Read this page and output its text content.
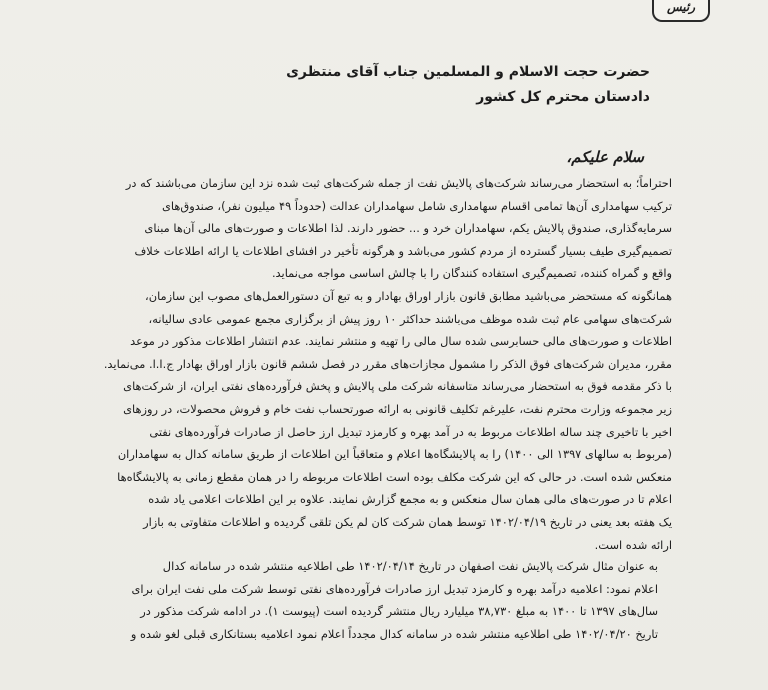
رئیس
حضرت حجت الاسلام و المسلمین جناب آقای منتظری
دادستان محترم کل کشور
سلام علیکم،
احتراماً؛ به استحضار می‌رساند شرکت‌های پالایش نفت از جمله شرکت‌های ثبت شده نزد این سازمان می‌باشند که در
ترکیب سهامداری آن‌ها تمامی اقسام سهامداری شامل سهامداران عدالت (حدوداً ۴۹ میلیون نفر)، صندوق‌های
سرمایه‌گذاری، صندوق پالایش یکم، سهامداران خرد و ... حضور دارند. لذا اطلاعات و صورت‌های مالی آن‌ها مبنای
تصمیم‌گیری طیف بسیار گسترده از مردم کشور می‌باشد و هرگونه تأخیر در افشای اطلاعات یا ارائه اطلاعات خلاف
واقع و گمراه کننده، تصمیم‌گیری استفاده کنندگان را با چالش اساسی مواجه می‌نماید.
همانگونه که مستحضر می‌باشید مطابق قانون بازار اوراق بهادار و به تبع آن دستورالعمل‌های مصوب این سازمان،
شرکت‌های سهامی عام ثبت شده موظف می‌باشند حداکثر ۱۰ روز پیش از برگزاری مجمع عمومی عادی سالیانه،
اطلاعات و صورت‌های مالی حسابرسی شده سال مالی را تهیه و منتشر نمایند. عدم انتشار اطلاعات مذکور در موعد
مقرر، مدیران شرکت‌های فوق الذکر را مشمول مجازات‌های مقرر در فصل ششم قانون بازار اوراق بهادار ج.ا.ا. می‌نماید.
با ذکر مقدمه فوق به استحضار می‌رساند متاسفانه شرکت ملی پالایش و پخش فرآورده‌های نفتی ایران، از شرکت‌های
زیر مجموعه وزارت محترم نفت، علیرغم تکلیف قانونی به ارائه صورتحساب نفت خام و فروش محصولات، در روزهای
اخیر با تاخیری چند ساله اطلاعات مربوط به در آمد بهره و کارمزد تبدیل ارز حاصل از صادرات فرآورده‌های نفتی
(مربوط به سالهای ۱۳۹۷ الی ۱۴۰۰) را به پالایشگاه‌ها اعلام و متعاقباً این اطلاعات از طریق سامانه کدال به سهامداران
منعکس شده است. در حالی که این شرکت مکلف بوده است اطلاعات مربوطه را در همان مقطع زمانی به پالایشگاه‌ها
اعلام تا در صورت‌های مالی همان سال منعکس و به مجمع گزارش نمایند. علاوه بر این اطلاعات اعلامی یاد شده
یک هفته بعد یعنی در تاریخ ۱۴۰۲/۰۴/۱۹ توسط همان شرکت کان لم یکن تلقی گردیده و اطلاعات متفاوتی به بازار
ارائه شده است.
به عنوان مثال شرکت پالایش نفت اصفهان در تاریخ ۱۴۰۲/۰۴/۱۴ طی اطلاعیه منتشر شده در سامانه کدال
اعلام نمود: اعلامیه درآمد بهره و کارمزد تبدیل ارز صادرات فرآورده‌های نفتی توسط شرکت ملی نفت ایران برای
سال‌های ۱۳۹۷ تا ۱۴۰۰ به مبلغ ۳۸,۷۳۰ میلیارد ریال منتشر گردیده است (پیوست ۱). در ادامه شرکت مذکور در
تاریخ ۱۴۰۲/۰۴/۲۰ طی اطلاعیه منتشر شده در سامانه کدال مجدداً اعلام نمود اعلامیه بستانکاری قبلی لغو شده و
